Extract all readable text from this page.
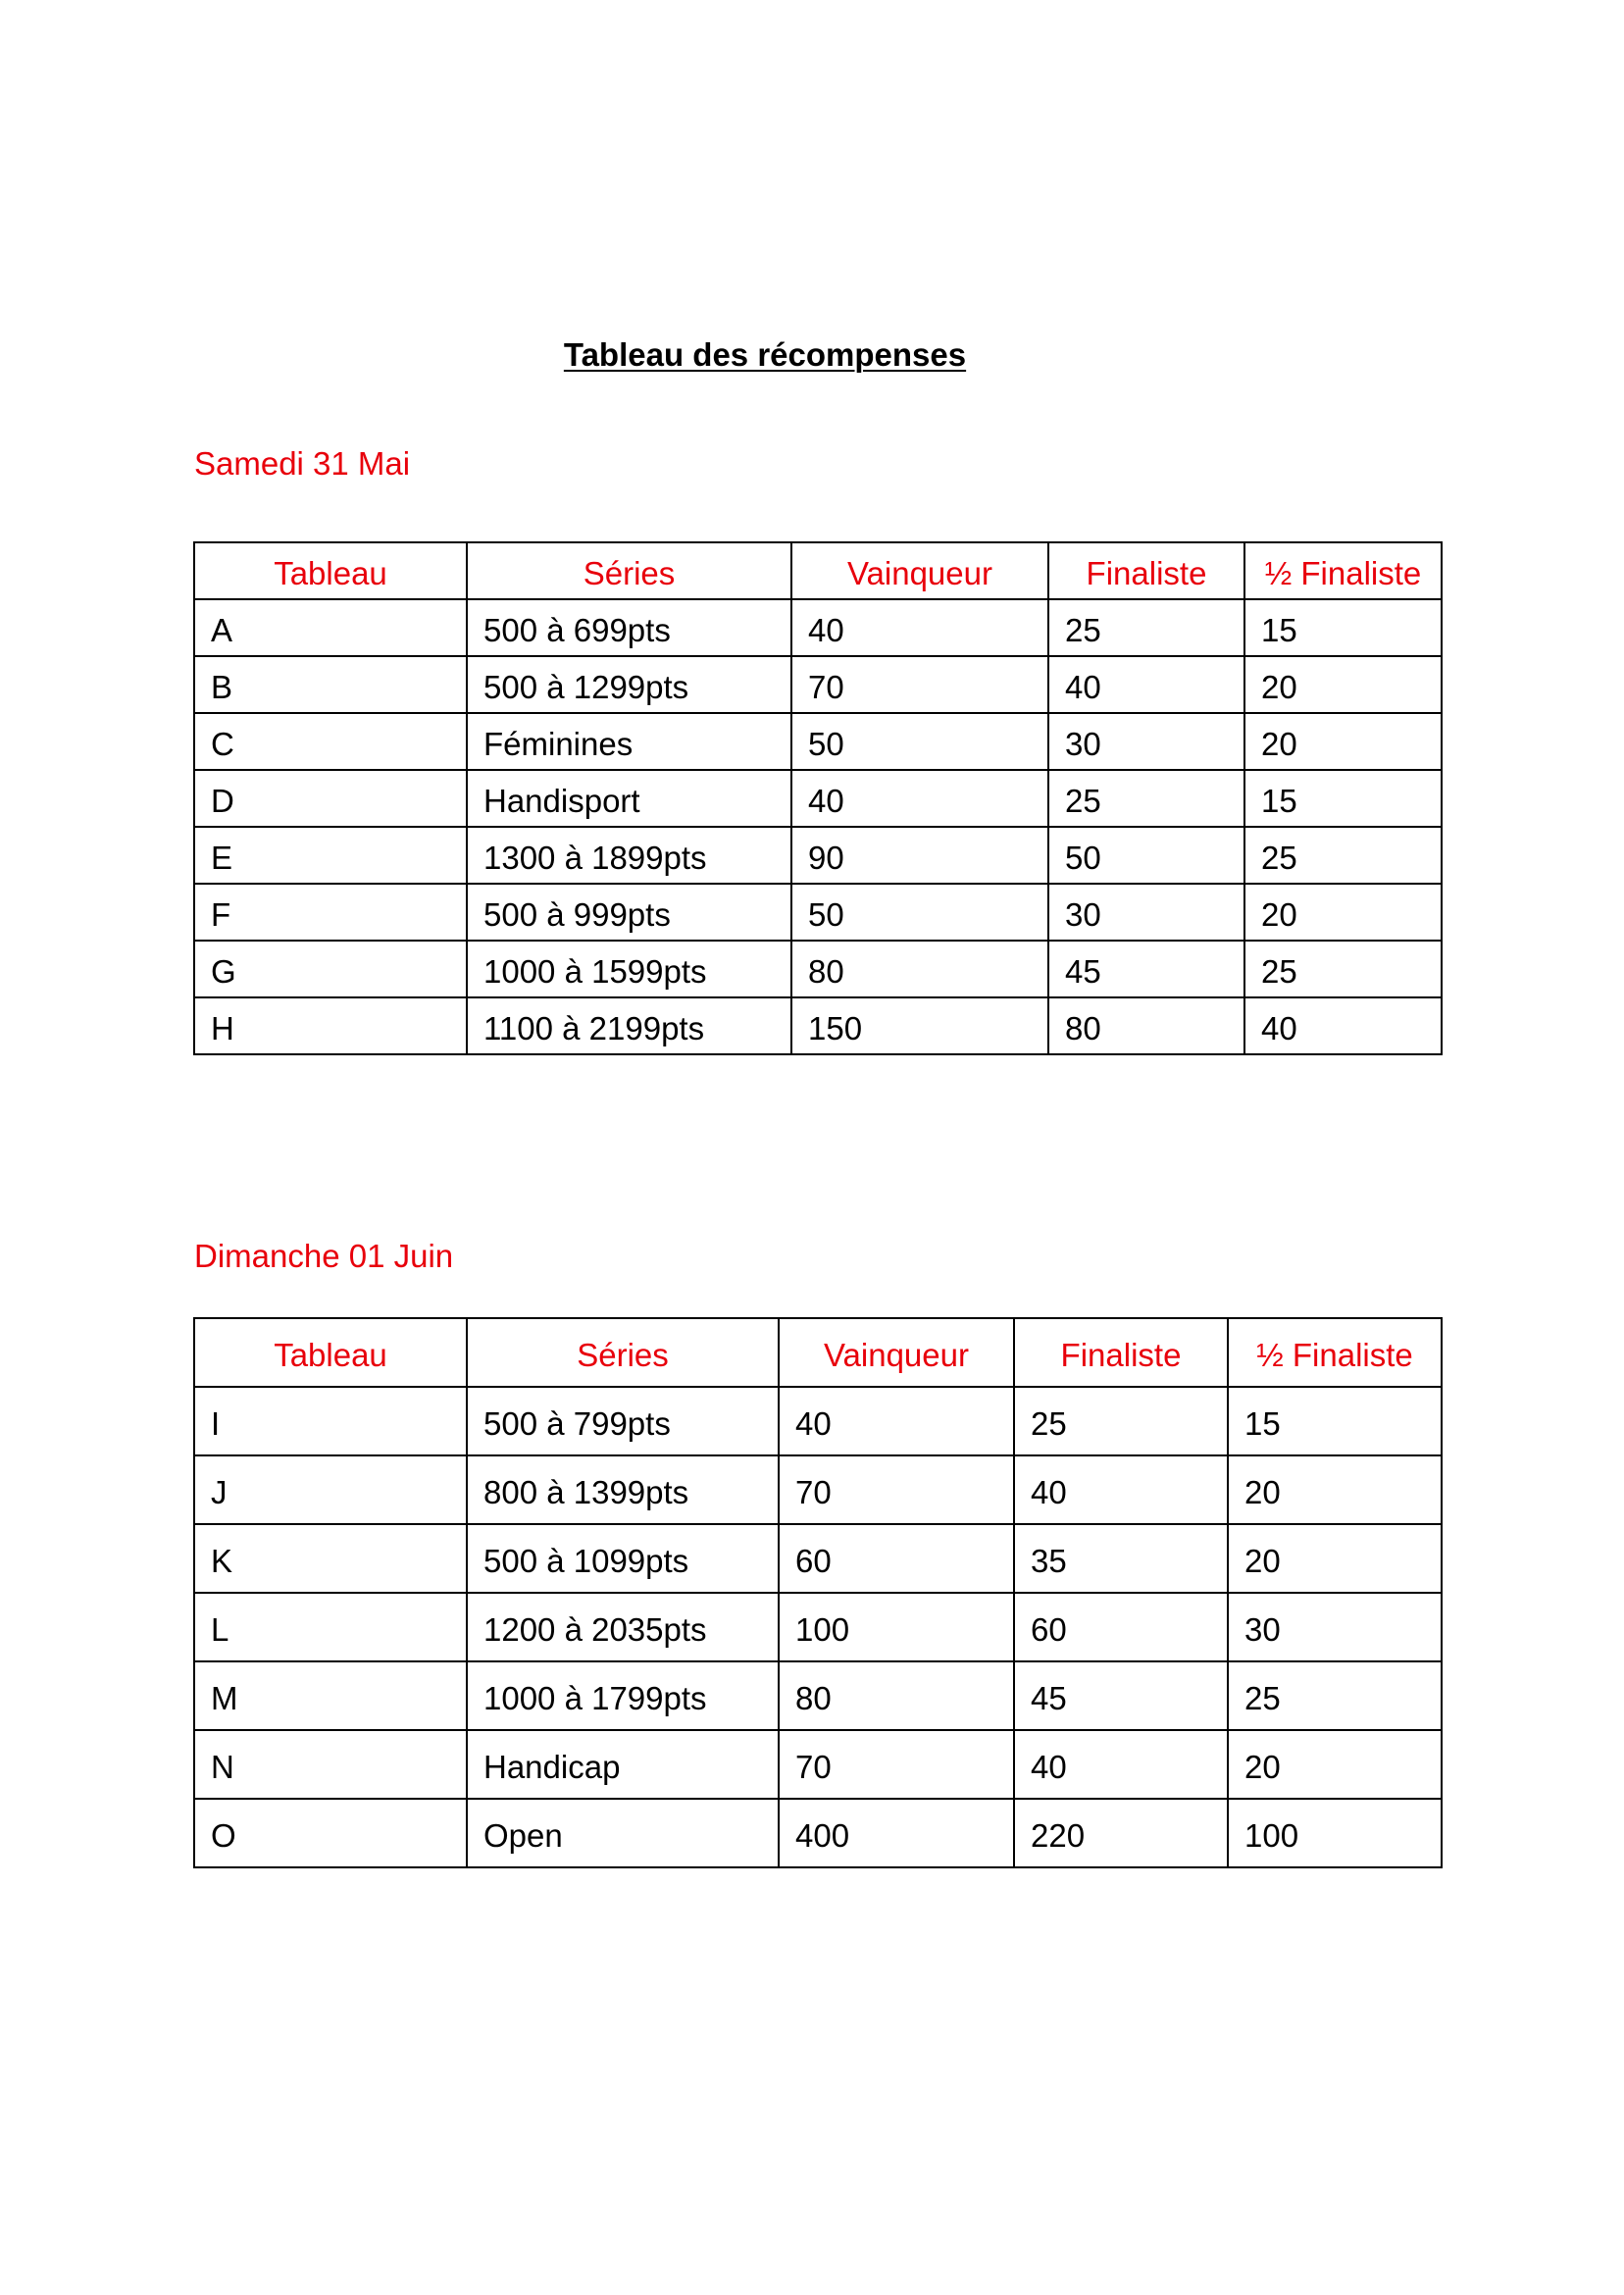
Tableau des récompenses
Samedi 31 Mai
Tableau	Séries	Vainqueur	Finaliste	½ Finaliste
A	500 à 699pts	40	25	15
B	500 à 1299pts	70	40	20
C	Féminines	50	30	20
D	Handisport	40	25	15
E	1300 à 1899pts	90	50	25
F	500 à 999pts	50	30	20
G	1000 à 1599pts	80	45	25
H	1100 à 2199pts	150	80	40
Dimanche 01 Juin
Tableau	Séries	Vainqueur	Finaliste	½ Finaliste
I	500 à 799pts	40	25	15
J	800 à 1399pts	70	40	20
K	500 à 1099pts	60	35	20
L	1200 à 2035pts	100	60	30
M	1000 à 1799pts	80	45	25
N	Handicap	70	40	20
O	Open	400	220	100
